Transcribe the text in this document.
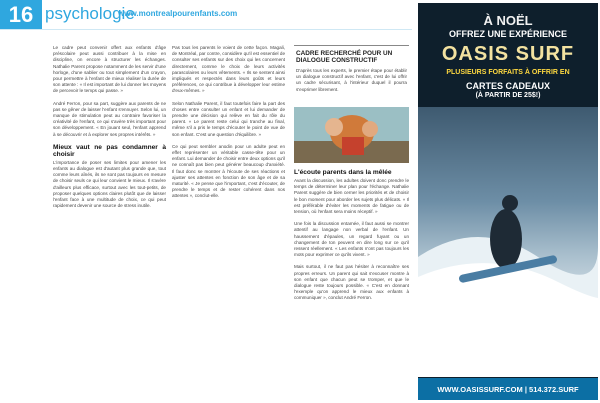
16 psychologie
www.montrealpourenfants.com

Le cadre peut convenir offert aux enfants d'âge préscolaire peut aussi contribuer à la mise en discipline, on encore à structurer les échanges. Nathalie Parent propose notamment de les servir d'une horloge, d'une sablier ou tout simplement d'un crayon, pour permettre à l'enfant de mieux réaliser la durée de son attente : « Il est important de lui donner les moyens de percevoir le temps qui passe. »

André Ferron, pour sa part, suggère aux parents de ne pas se gêner de laisser l'enfant s'ennuyer. Selon lui, un manque de stimulation peut au contraire favoriser la créativité de l'enfant, ce qui s'avère très important pour son développement. « En jouant seul, l'enfant apprend à se découvrir et à explorer ses propres intérêts. »

Mieux vaut ne pas condamner à choisir

L'importance de poser ses limites pour amener les enfants au dialogue est d'autant plus grande que, tout comme leurs aînés, ils ne sont pas toujours en mesure de choisir seuls ce qui leur convient le mieux. Il s'avère d'ailleurs plus efficace, surtout avec les tout-petits, de proposer quelques options claires plutôt que de laisser l'enfant face à une multitude de choix, ce qui peut rapidement devenir une source de stress inutile.

Pas tous les parents le voient de cette façon. Magali, de Montréal, par contre, considère qu'il est essentiel de consulter ses enfants sur des choix qui les concernent directement, comme le choix de leurs activités parascolaires ou leurs vêtements. « Ils se sentent ainsi impliqués et respectés dans leurs goûts et leurs préférences, ce qui contribue à développer leur estime d'eux-mêmes. »

Selon Nathalie Parent, il faut toutefois faire la part des choses entre consulter un enfant et lui demander de prendre une décision qui relève en fait du rôle du parent. « Le parent reste celui qui tranche au final, même s'il a pris le temps d'écouter le point de vue de son enfant. C'est une question d'équilibre. »

Ce qui peut sembler anodin pour un adulte peut en effet représenter un véritable casse-tête pour un enfant. Lui demander de choisir entre deux options qu'il ne connaît pas bien peut générer beaucoup d'anxiété. Il faut donc se montrer à l'écoute de ses réactions et ajuster ses attentes en fonction de son âge et de sa maturité. « Je pense que l'important, c'est d'écouter, de prendre le temps et de rester cohérent dans nos attentes », conclut-elle.

CADRE RECHERCHÉ POUR UN DIALOGUE CONSTRUCTIF
D'après tous les experts, le premier étape pour établir un dialogue constructif avec l'enfant, c'est de lui offrir un cadre sécurisant, à l'intérieur duquel il pourra s'exprimer librement.
L'écoute parents dans la mêlée

Avant la discussion, les adultes doivent donc prendre le temps de déterminer leur plan pour l'échange. Nathalie Parent suggère de bien cerner les priorités et de choisir le bon moment pour aborder les sujets plus délicats. « Il est préférable d'éviter les moments de fatigue ou de tension, où l'enfant sera moins réceptif. »

Une fois la discussion entamée, il faut aussi se montrer attentif au langage non verbal de l'enfant. Un haussement d'épaules, un regard fuyant ou un changement de ton peuvent en dire long sur ce qu'il ressent réellement. « Les enfants n'ont pas toujours les mots pour exprimer ce qu'ils vivent. »

Mais surtout, il ne faut pas hésiter à reconnaître ses propres erreurs. Un parent qui sait s'excuser montre à son enfant que chacun peut se tromper, et que le dialogue reste toujours possible. « C'est en donnant l'exemple qu'on apprend le mieux aux enfants à communiquer », conclut André Ferron.

À NOËL
OFFREZ UNE EXPÉRIENCE
OASIS SURF
PLUSIEURS FORFAITS À OFFRIR EN
CARTES CADEAUX
(À PARTIR DE 25$!)
WWW.OASISSURF.COM | 514.372.SURF
